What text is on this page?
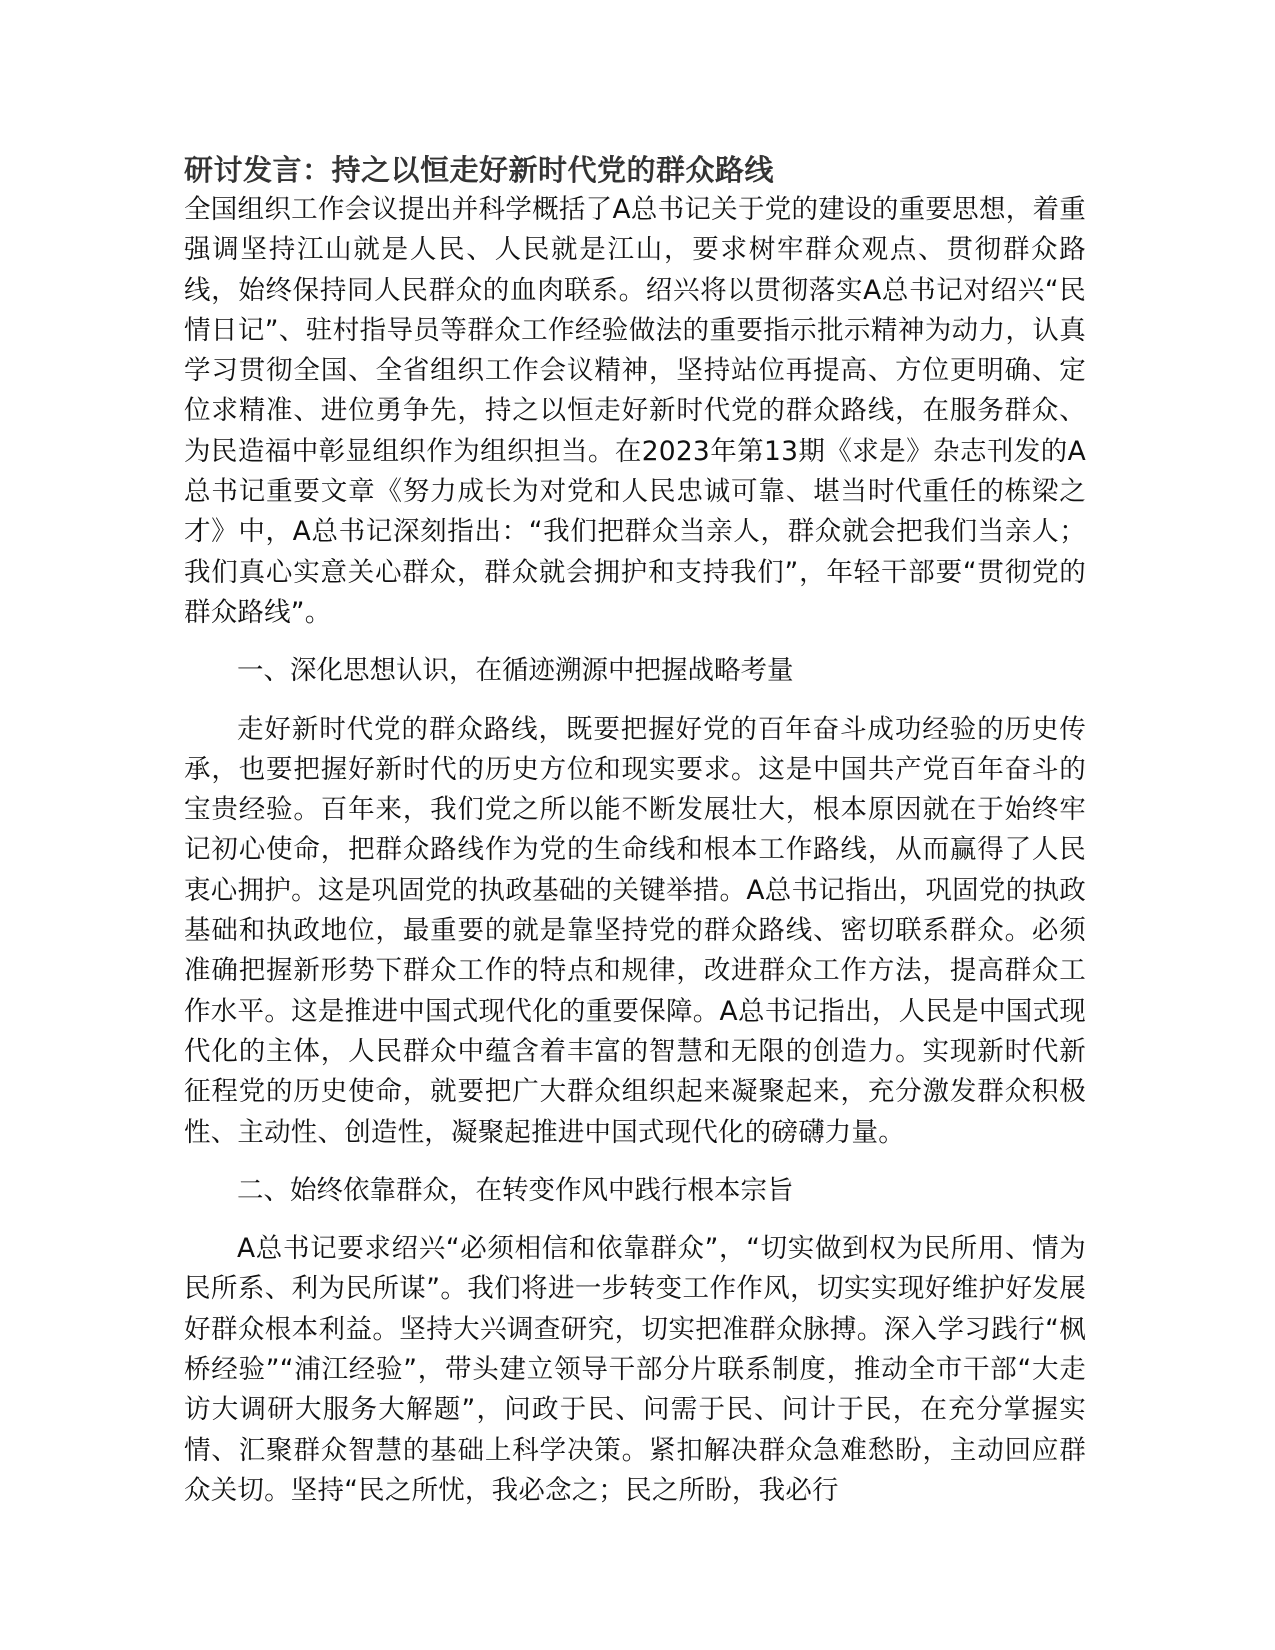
研讨发言：持之以恒走好新时代党的群众路线

全国组织工作会议提出并科学概括了A总书记关于党的建设的重要思想，着重强调坚持江山就是人民、人民就是江山，要求树牢群众观点、贯彻群众路线，始终保持同人民群众的血肉联系。绍兴将以贯彻落实A总书记对绍兴“民情日记”、驻村指导员等群众工作经验做法的重要指示批示精神为动力，认真学习贯彻全国、全省组织工作会议精神，坚持站位再提高、方位更明确、定位求精准、进位勇争先，持之以恒走好新时代党的群众路线，在服务群众、为民造福中彰显组织作为组织担当。在2023年第13期《求是》杂志刊发的A总书记重要文章《努力成长为对党和人民忠诚可靠、堪当时代重任的栋梁之才》中，A总书记深刻指出：“我们把群众当亲人，群众就会把我们当亲人；我们真心实意关心群众，群众就会拥护和支持我们”，年轻干部要“贯彻党的群众路线”。

一、深化思想认识，在循迹溯源中把握战略考量

走好新时代党的群众路线，既要把握好党的百年奋斗成功经验的历史传承，也要把握好新时代的历史方位和现实要求。这是中国共产党百年奋斗的宝贵经验。百年来，我们党之所以能不断发展壮大，根本原因就在于始终牢记初心使命，把群众路线作为党的生命线和根本工作路线，从而赢得了人民衷心拥护。这是巩固党的执政基础的关键举措。A总书记指出，巩固党的执政基础和执政地位，最重要的就是靠坚持党的群众路线、密切联系群众。必须准确把握新形势下群众工作的特点和规律，改进群众工作方法，提高群众工作水平。这是推进中国式现代化的重要保障。A总书记指出，人民是中国式现代化的主体，人民群众中蕴含着丰富的智慧和无限的创造力。实现新时代新征程党的历史使命，就要把广大群众组织起来凝聚起来，充分激发群众积极性、主动性、创造性，凝聚起推进中国式现代化的磅礴力量。

二、始终依靠群众，在转变作风中践行根本宗旨

A总书记要求绍兴“必须相信和依靠群众”，“切实做到权为民所用、情为民所系、利为民所谋”。我们将进一步转变工作作风，切实实现好维护好发展好群众根本利益。坚持大兴调查研究，切实把准群众脉搏。深入学习践行“枫桥经验”“浦江经验”，带头建立领导干部分片联系制度，推动全市干部“大走访大调研大服务大解题”，问政于民、问需于民、问计于民，在充分掌握实情、汇聚群众智慧的基础上科学决策。紧扣解决群众急难愁盼，主动回应群众关切。坚持“民之所忧，我必念之；民之所盼，我必行
